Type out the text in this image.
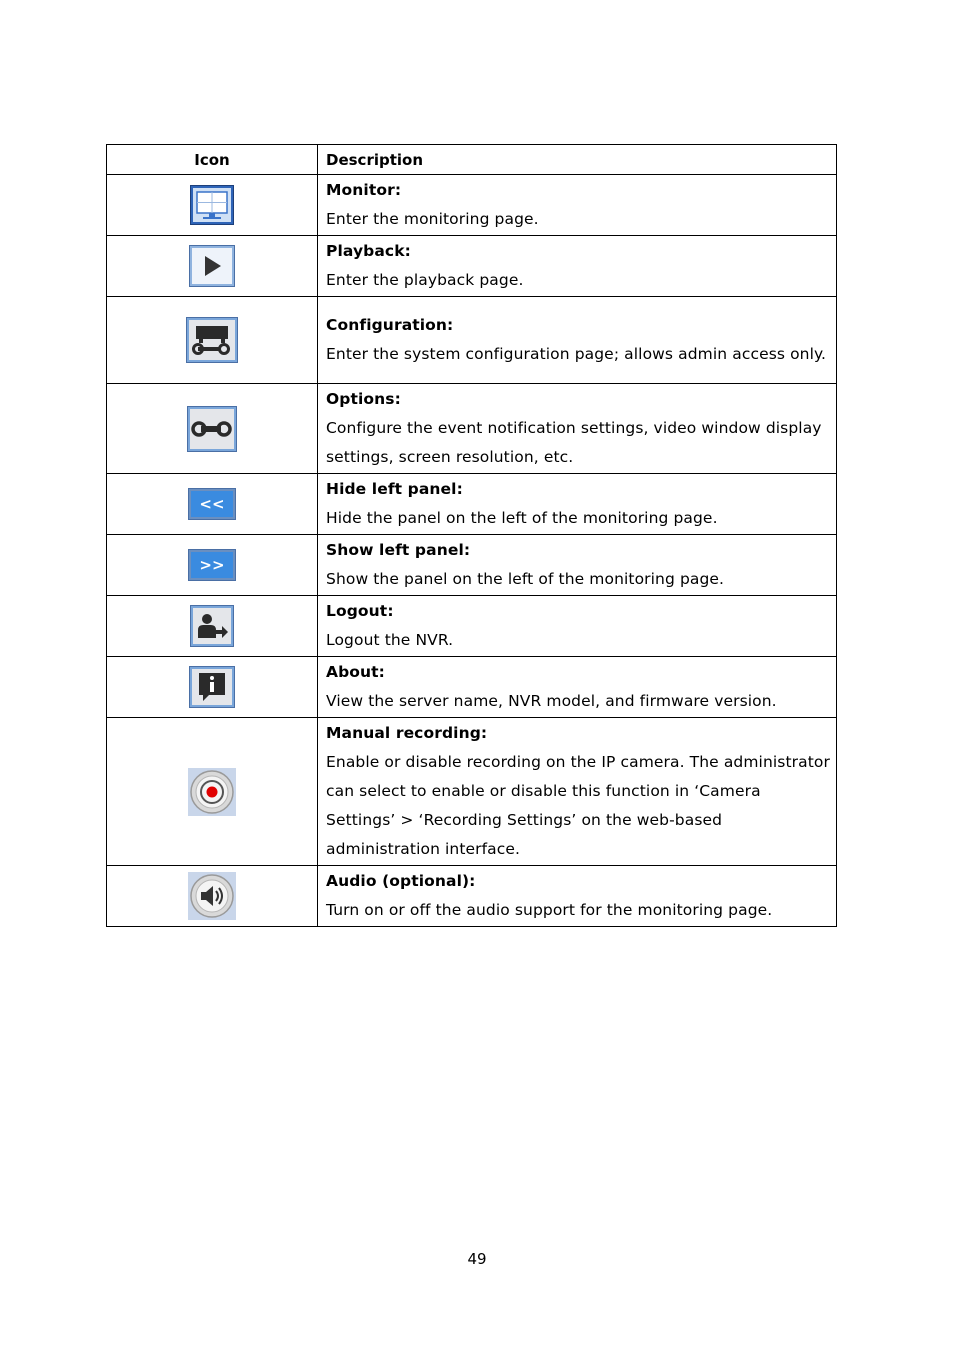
Icon	Description

Monitor:
Enter the monitoring page.

Playback:
Enter the playback page.

Configuration:
Enter the system configuration page; allows admin access only.

Options:
Configure the event notification settings, video window display settings, screen resolution, etc.

<<	Hide left panel:
Hide the panel on the left of the monitoring page.

>>	Show left panel:
Show the panel on the left of the monitoring page.

Logout:
Logout the NVR.

About:
View the server name, NVR model, and firmware version.

Manual recording:
Enable or disable recording on the IP camera. The administrator can select to enable or disable this function in ‘Camera Settings’ > ‘Recording Settings’ on the web-based administration interface.

Audio (optional):
Turn on or off the audio support for the monitoring page.
49
